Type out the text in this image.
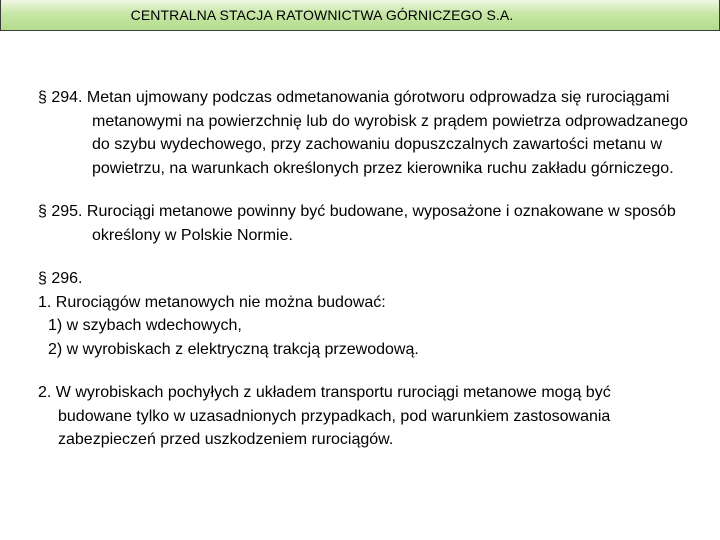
CENTRALNA STACJA RATOWNICTWA GÓRNICZEGO S.A.

§ 294. Metan ujmowany podczas odmetanowania górotworu odprowadza się rurociągami metanowymi na powierzchnię lub do wyrobisk z prądem powietrza odprowadzanego do szybu wydechowego, przy zachowaniu dopuszczalnych zawartości metanu w powietrzu, na warunkach określonych przez kierownika ruchu zakładu górniczego.

§ 295. Rurociągi metanowe powinny być budowane, wyposażone i oznakowane w sposób określony w Polskie Normie.

§ 296.

1. Rurociągów metanowych nie można budować:

1) w szybach wdechowych,

2) w wyrobiskach z elektryczną trakcją przewodową.

2. W wyrobiskach pochyłych z układem transportu rurociągi metanowe mogą być budowane tylko w uzasadnionych przypadkach, pod warunkiem zastosowania zabezpieczeń przed uszkodzeniem rurociągów.
